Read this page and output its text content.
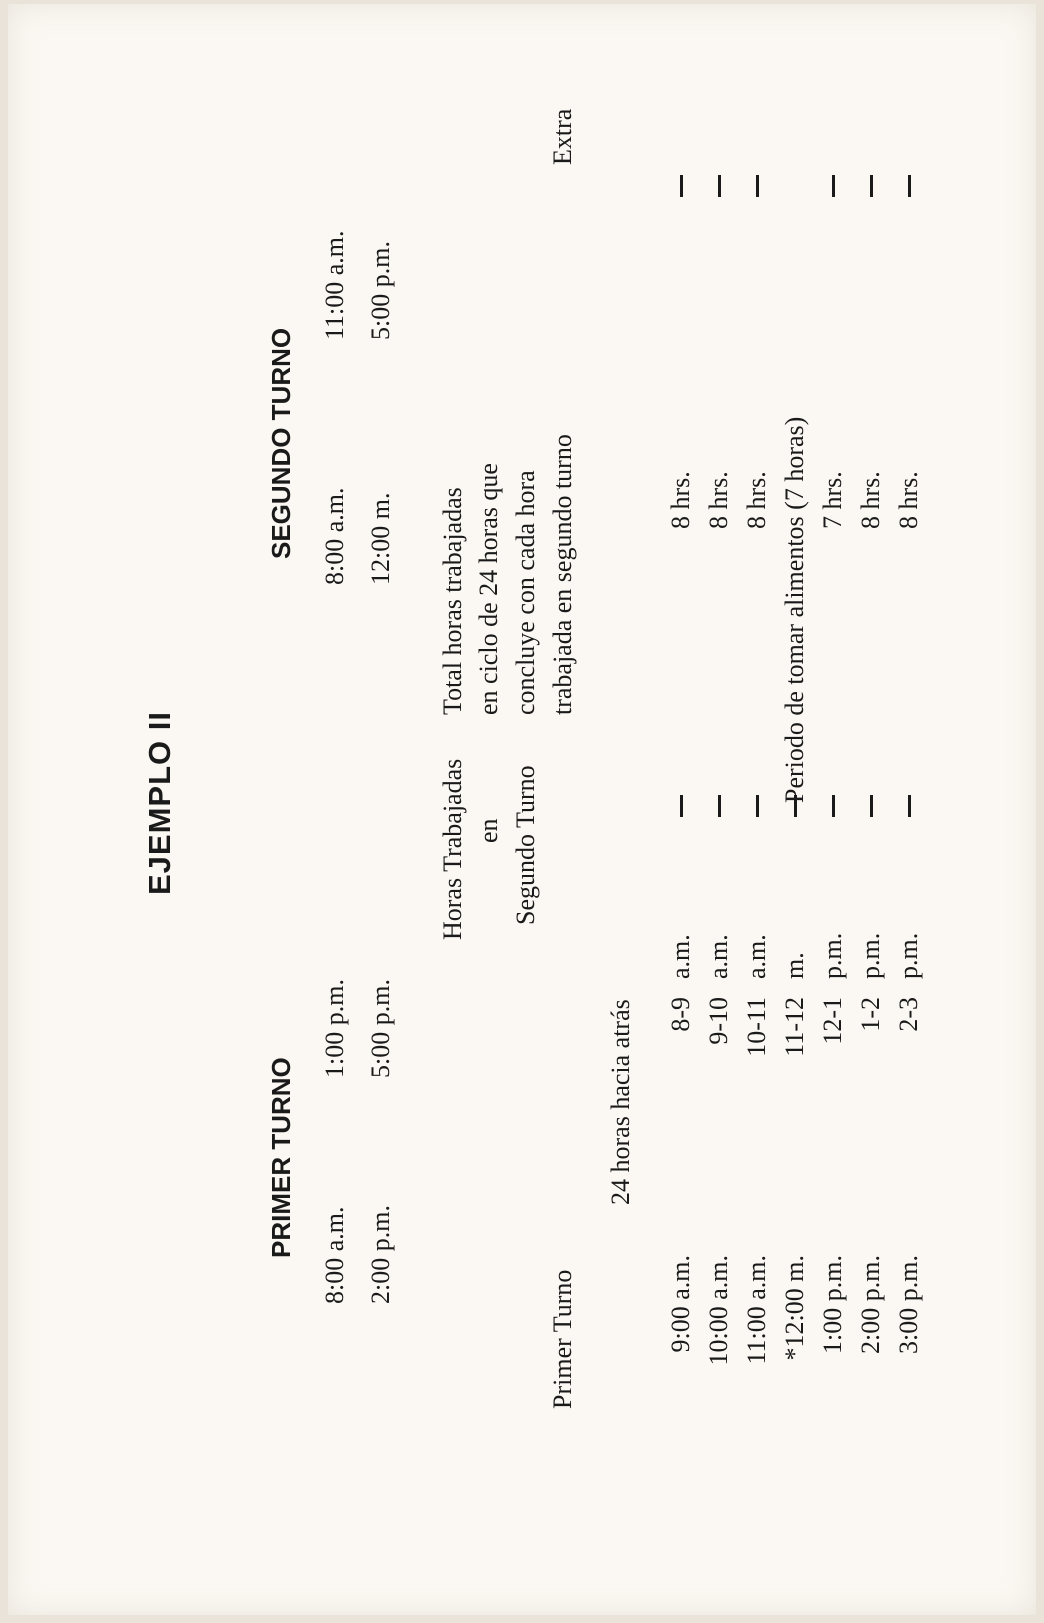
EJEMPLO II
PRIMER TURNO 8:00 a.m.
1:00 p.m.
2:00 p.m.
5:00 p.m.
SEGUNDO TURNO 8:00 a.m.
11:00 a.m.
12:00 m.
5:00 p.m.
Horas Trabajadas en Segundo Turno
Total horas trabajadas en ciclo de 24 horas que concluye con cada hora trabajada en segundo turno
Primer Turno
24 horas hacia atrás
Extra
9:00 a.m.
8-9
a.m.
8 hrs.
10:00 a.m.
9-10
a.m.
8 hrs.
11:00 a.m.
10-11
a.m.
8 hrs.
*12:00 m.
11-12
m.
Periodo de tomar alimentos (7 horas)
1:00 p.m.
12-1
p.m.
7 hrs.
2:00 p.m.
1-2
p.m.
8 hrs.
3:00 p.m.
2-3
p.m.
8 hrs.
